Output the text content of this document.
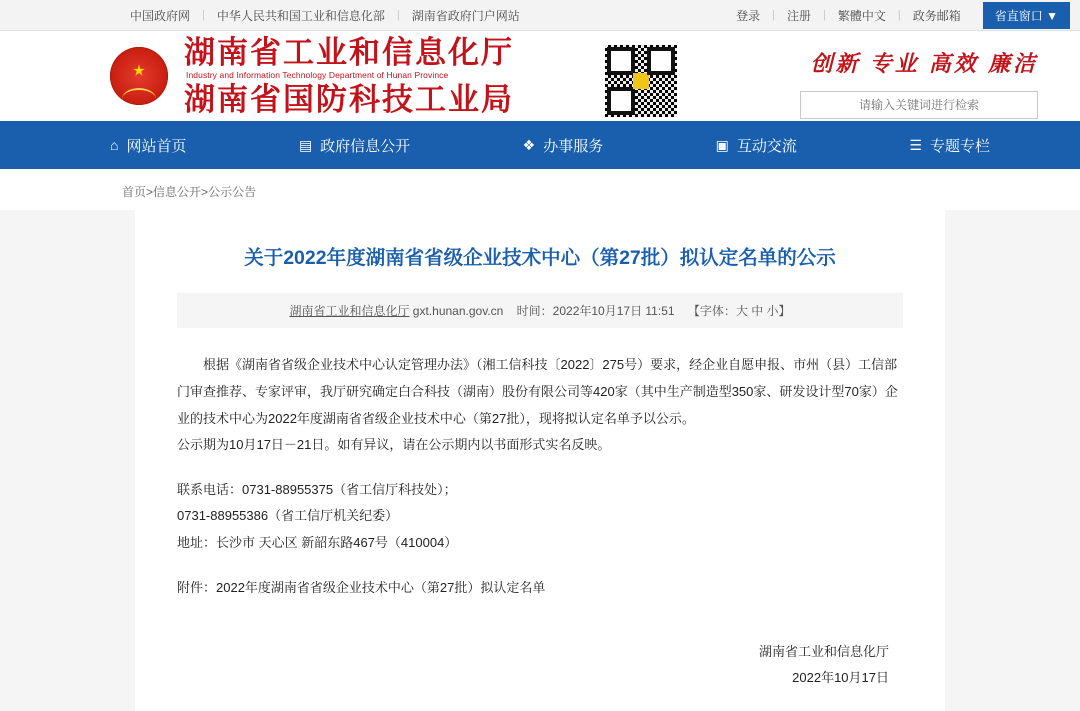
中国政府网	|	中华人民共和国工业和信息化部	|	湖南省政府门户网站	登录	|	注册	|	繁體中文	|	政务邮箱	省直窗口 ▼
★
湖南省工业和信息化厅
Industry and Information Technology Department of Hunan Province
湖南省国防科技工业局
创新 专业 高效 廉洁
请输入关键词进行检索
⌂ 网站首页	▤ 政府信息公开	❖ 办事服务	▣ 互动交流	☰ 专题专栏
首页>信息公开>公示公告
关于2022年度湖南省省级企业技术中心（第27批）拟认定名单的公示
湖南省工业和信息化厅 gxt.hunan.gov.cn 时间：2022年10月17日 11:51 【字体：大 中 小】

根据《湖南省省级企业技术中心认定管理办法》（湘工信科技〔2022〕275号）要求，经企业自愿申报、市州（县）工信部门审查推荐、专家评审，我厅研究确定白合科技（湖南）股份有限公司等420家（其中生产制造型350家、研发设计型70家）企业的技术中心为2022年度湖南省省级企业技术中心（第27批），现将拟认定名单予以公示。

公示期为10月17日－21日。如有异议，请在公示期内以书面形式实名反映。

联系电话：0731-88955375（省工信厅科技处）；

0731-88955386（省工信厅机关纪委）

地址：长沙市 天心区 新韶东路467号（410004）

附件：2022年度湖南省省级企业技术中心（第27批）拟认定名单

湖南省工业和信息化厅
2022年10月17日
